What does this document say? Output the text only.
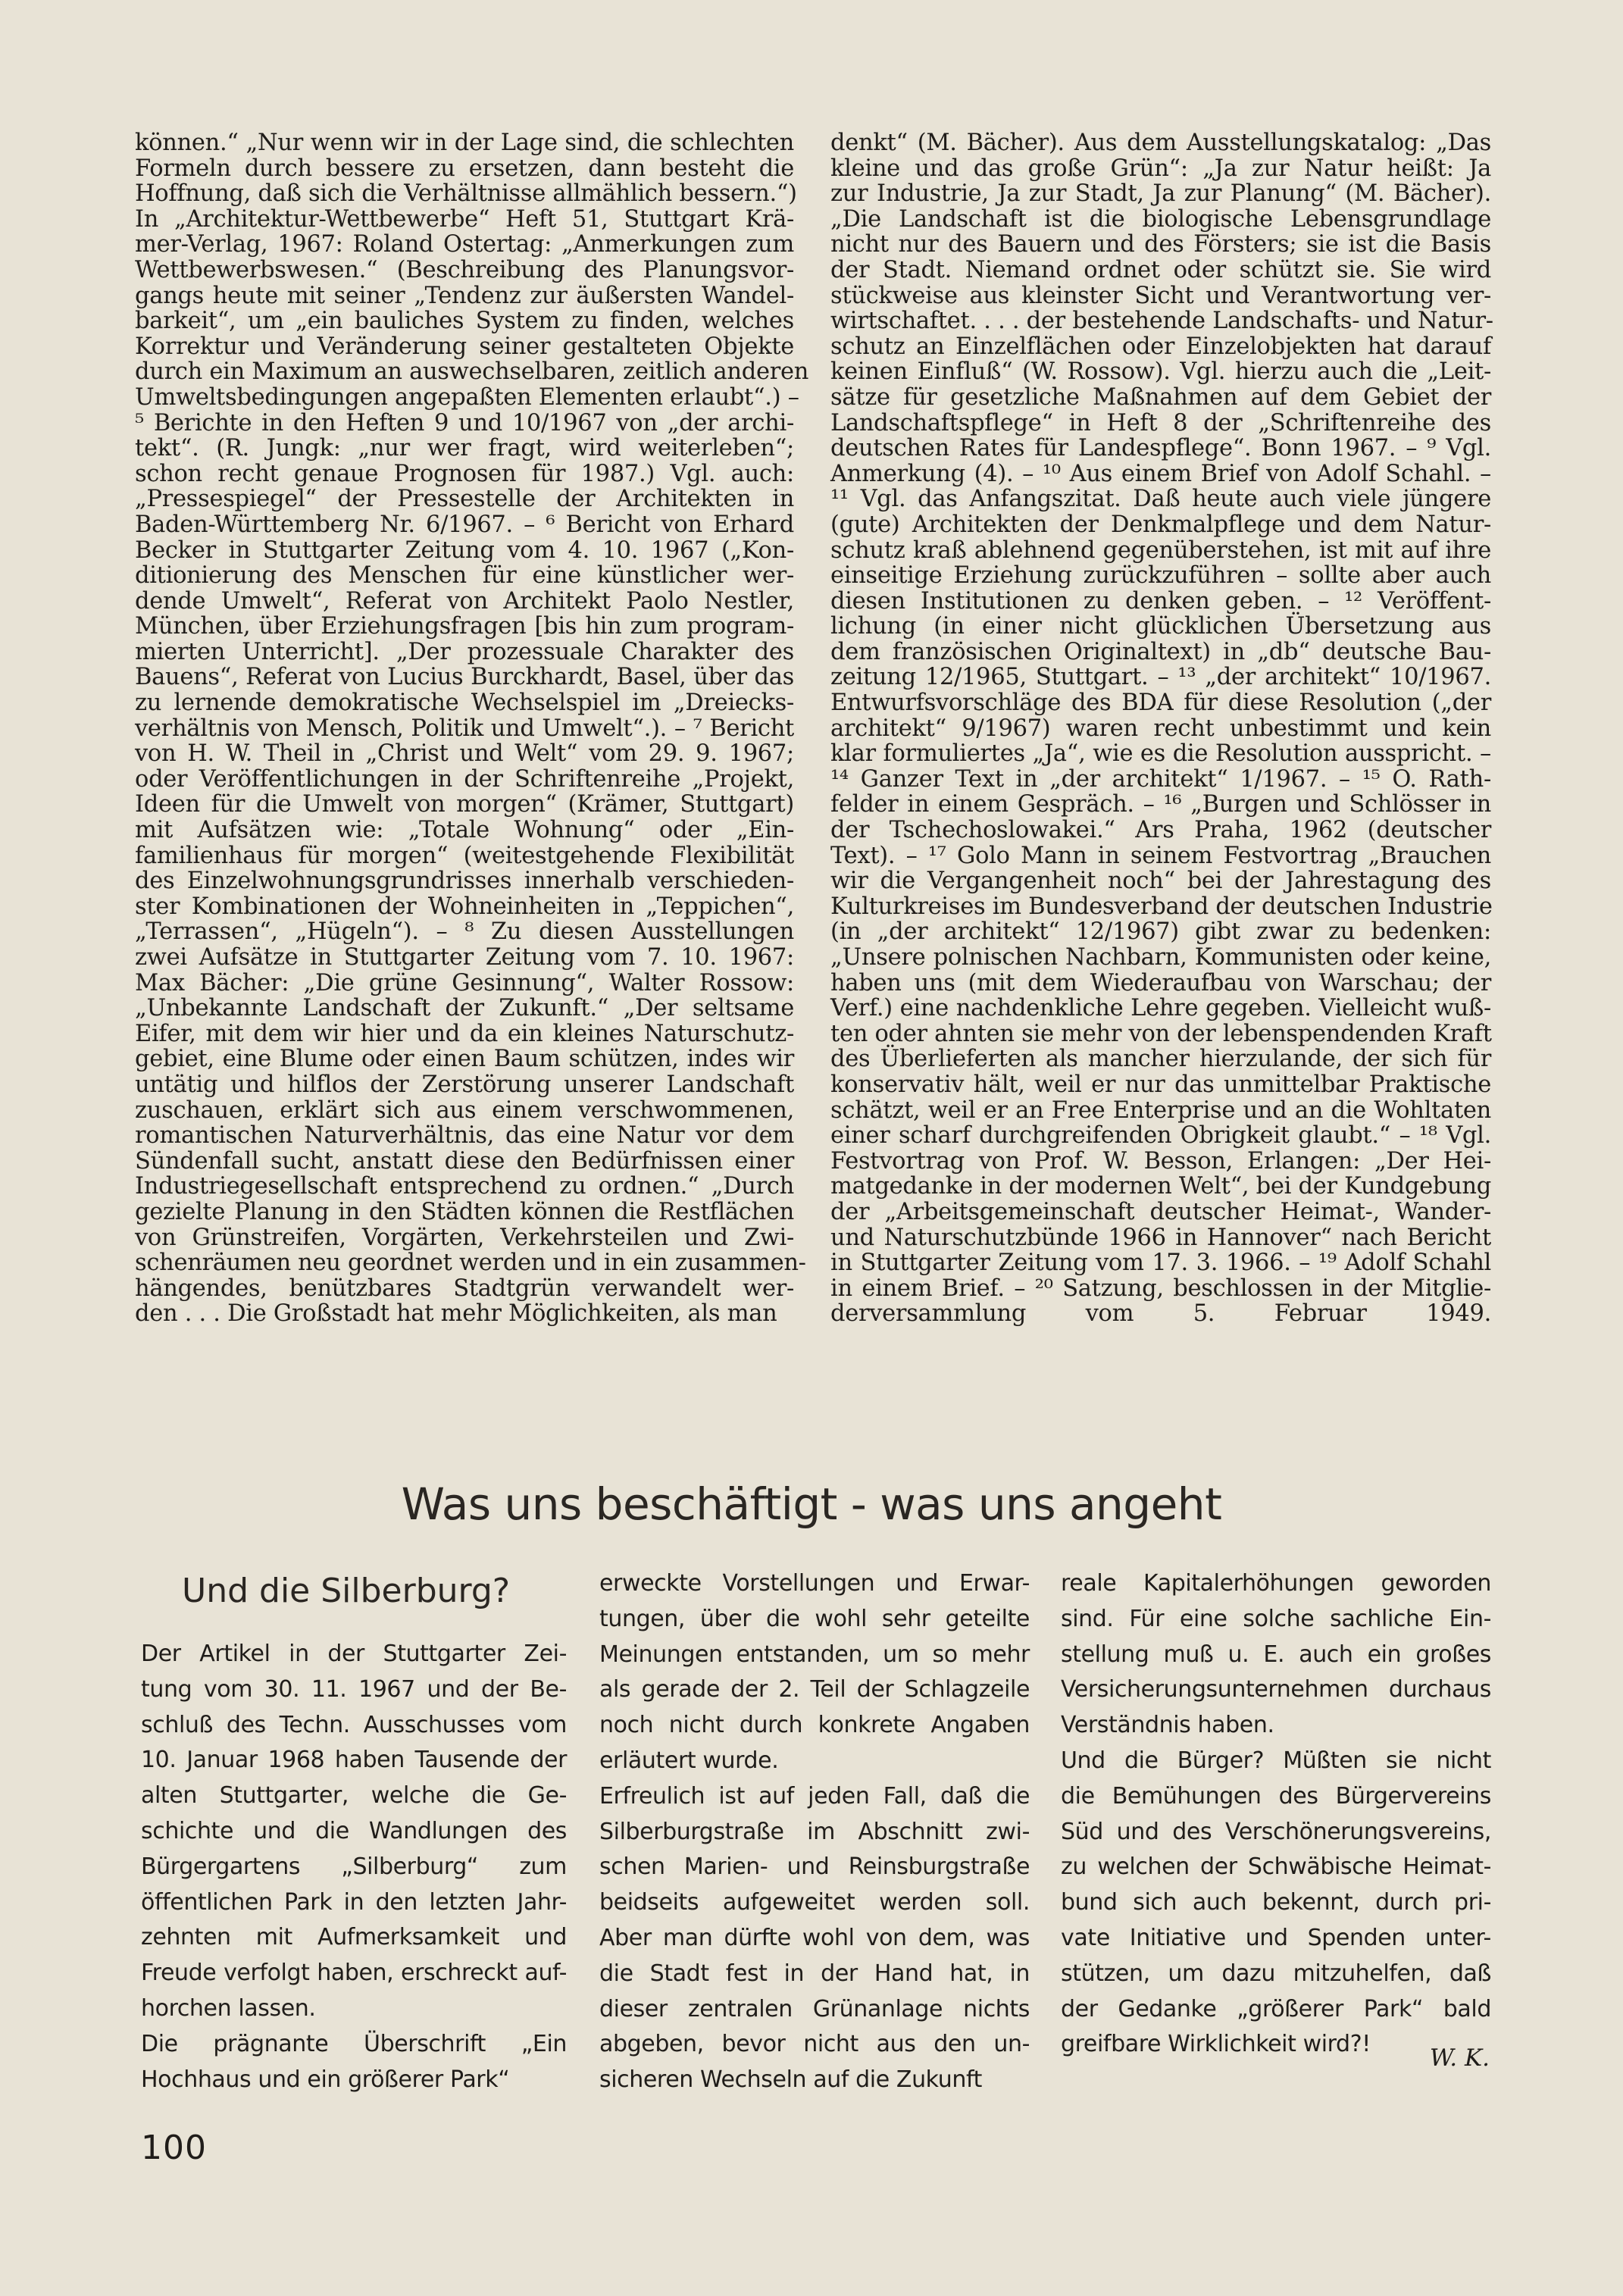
können.“ „Nur wenn wir in der Lage sind, die schlechten
Formeln durch bessere zu ersetzen, dann besteht die
Hoffnung, daß sich die Verhältnisse allmählich bessern.“)
In „Architektur-Wettbewerbe“ Heft 51, Stuttgart Krä-
mer-Verlag, 1967: Roland Ostertag: „Anmerkungen zum
Wettbewerbswesen.“ (Beschreibung des Planungsvor-
gangs heute mit seiner „Tendenz zur äußersten Wandel-
barkeit“, um „ein bauliches System zu finden, welches
Korrektur und Veränderung seiner gestalteten Objekte
durch ein Maximum an auswechselbaren, zeitlich anderen
Umweltsbedingungen angepaßten Elementen erlaubt“.) –
⁵ Berichte in den Heften 9 und 10/1967 von „der archi-
tekt“. (R. Jungk: „nur wer fragt, wird weiterleben“;
schon recht genaue Prognosen für 1987.) Vgl. auch:
„Pressespiegel“ der Pressestelle der Architekten in
Baden-Württemberg Nr. 6/1967. – ⁶ Bericht von Erhard
Becker in Stuttgarter Zeitung vom 4. 10. 1967 („Kon-
ditionierung des Menschen für eine künstlicher wer-
dende Umwelt“, Referat von Architekt Paolo Nestler,
München, über Erziehungsfragen [bis hin zum program-
mierten Unterricht]. „Der prozessuale Charakter des
Bauens“, Referat von Lucius Burckhardt, Basel, über das
zu lernende demokratische Wechselspiel im „Dreiecks-
verhältnis von Mensch, Politik und Umwelt“.). – ⁷ Bericht
von H. W. Theil in „Christ und Welt“ vom 29. 9. 1967;
oder Veröffentlichungen in der Schriftenreihe „Projekt,
Ideen für die Umwelt von morgen“ (Krämer, Stuttgart)
mit Aufsätzen wie: „Totale Wohnung“ oder „Ein-
familienhaus für morgen“ (weitestgehende Flexibilität
des Einzelwohnungsgrundrisses innerhalb verschieden-
ster Kombinationen der Wohneinheiten in „Teppichen“,
„Terrassen“, „Hügeln“). – ⁸ Zu diesen Ausstellungen
zwei Aufsätze in Stuttgarter Zeitung vom 7. 10. 1967:
Max Bächer: „Die grüne Gesinnung“, Walter Rossow:
„Unbekannte Landschaft der Zukunft.“ „Der seltsame
Eifer, mit dem wir hier und da ein kleines Naturschutz-
gebiet, eine Blume oder einen Baum schützen, indes wir
untätig und hilflos der Zerstörung unserer Landschaft
zuschauen, erklärt sich aus einem verschwommenen,
romantischen Naturverhältnis, das eine Natur vor dem
Sündenfall sucht, anstatt diese den Bedürfnissen einer
Industriegesellschaft entsprechend zu ordnen.“ „Durch
gezielte Planung in den Städten können die Restflächen
von Grünstreifen, Vorgärten, Verkehrsteilen und Zwi-
schenräumen neu geordnet werden und in ein zusammen-
hängendes, benützbares Stadtgrün verwandelt wer-
den . . . Die Großstadt hat mehr Möglichkeiten, als man
denkt“ (M. Bächer). Aus dem Ausstellungskatalog: „Das
kleine und das große Grün“: „Ja zur Natur heißt: Ja
zur Industrie, Ja zur Stadt, Ja zur Planung“ (M. Bächer).
„Die Landschaft ist die biologische Lebensgrundlage
nicht nur des Bauern und des Försters; sie ist die Basis
der Stadt. Niemand ordnet oder schützt sie. Sie wird
stückweise aus kleinster Sicht und Verantwortung ver-
wirtschaftet. . . . der bestehende Landschafts- und Natur-
schutz an Einzelflächen oder Einzelobjekten hat darauf
keinen Einfluß“ (W. Rossow). Vgl. hierzu auch die „Leit-
sätze für gesetzliche Maßnahmen auf dem Gebiet der
Landschaftspflege“ in Heft 8 der „Schriftenreihe des
deutschen Rates für Landespflege“. Bonn 1967. – ⁹ Vgl.
Anmerkung (4). – ¹⁰ Aus einem Brief von Adolf Schahl. –
¹¹ Vgl. das Anfangszitat. Daß heute auch viele jüngere
(gute) Architekten der Denkmalpflege und dem Natur-
schutz kraß ablehnend gegenüberstehen, ist mit auf ihre
einseitige Erziehung zurückzuführen – sollte aber auch
diesen Institutionen zu denken geben. – ¹² Veröffent-
lichung (in einer nicht glücklichen Übersetzung aus
dem französischen Originaltext) in „db“ deutsche Bau-
zeitung 12/1965, Stuttgart. – ¹³ „der architekt“ 10/1967.
Entwurfsvorschläge des BDA für diese Resolution („der
architekt“ 9/1967) waren recht unbestimmt und kein
klar formuliertes „Ja“, wie es die Resolution ausspricht. –
¹⁴ Ganzer Text in „der architekt“ 1/1967. – ¹⁵ O. Rath-
felder in einem Gespräch. – ¹⁶ „Burgen und Schlösser in
der Tschechoslowakei.“ Ars Praha, 1962 (deutscher
Text). – ¹⁷ Golo Mann in seinem Festvortrag „Brauchen
wir die Vergangenheit noch“ bei der Jahrestagung des
Kulturkreises im Bundesverband der deutschen Industrie
(in „der architekt“ 12/1967) gibt zwar zu bedenken:
„Unsere polnischen Nachbarn, Kommunisten oder keine,
haben uns (mit dem Wiederaufbau von Warschau; der
Verf.) eine nachdenkliche Lehre gegeben. Vielleicht wuß-
ten oder ahnten sie mehr von der lebenspendenden Kraft
des Überlieferten als mancher hierzulande, der sich für
konservativ hält, weil er nur das unmittelbar Praktische
schätzt, weil er an Free Enterprise und an die Wohltaten
einer scharf durchgreifenden Obrigkeit glaubt.“ – ¹⁸ Vgl.
Festvortrag von Prof. W. Besson, Erlangen: „Der Hei-
matgedanke in der modernen Welt“, bei der Kundgebung
der „Arbeitsgemeinschaft deutscher Heimat-, Wander-
und Naturschutzbünde 1966 in Hannover“ nach Bericht
in Stuttgarter Zeitung vom 17. 3. 1966. – ¹⁹ Adolf Schahl
in einem Brief. – ²⁰ Satzung, beschlossen in der Mitglie-
derversammlung vom 5. Februar 1949.
Was uns beschäftigt - was uns angeht
Und die Silberburg?
Der Artikel in der Stuttgarter Zei-
tung vom 30. 11. 1967 und der Be-
schluß des Techn. Ausschusses vom
10. Januar 1968 haben Tausende der
alten Stuttgarter, welche die Ge-
schichte und die Wandlungen des
Bürgergartens „Silberburg“ zum
öffentlichen Park in den letzten Jahr-
zehnten mit Aufmerksamkeit und
Freude verfolgt haben, erschreckt auf-
horchen lassen.
Die prägnante Überschrift „Ein
Hochhaus und ein größerer Park“
erweckte Vorstellungen und Erwar-
tungen, über die wohl sehr geteilte
Meinungen entstanden, um so mehr
als gerade der 2. Teil der Schlagzeile
noch nicht durch konkrete Angaben
erläutert wurde.
Erfreulich ist auf jeden Fall, daß die
Silberburgstraße im Abschnitt zwi-
schen Marien- und Reinsburgstraße
beidseits aufgeweitet werden soll.
Aber man dürfte wohl von dem, was
die Stadt fest in der Hand hat, in
dieser zentralen Grünanlage nichts
abgeben, bevor nicht aus den un-
sicheren Wechseln auf die Zukunft
reale Kapitalerhöhungen geworden
sind. Für eine solche sachliche Ein-
stellung muß u. E. auch ein großes
Versicherungsunternehmen durchaus
Verständnis haben.
Und die Bürger? Müßten sie nicht
die Bemühungen des Bürgervereins
Süd und des Verschönerungsvereins,
zu welchen der Schwäbische Heimat-
bund sich auch bekennt, durch pri-
vate Initiative und Spenden unter-
stützen, um dazu mitzuhelfen, daß
der Gedanke „größerer Park“ bald
greifbare Wirklichkeit wird?!
W. K.
100
